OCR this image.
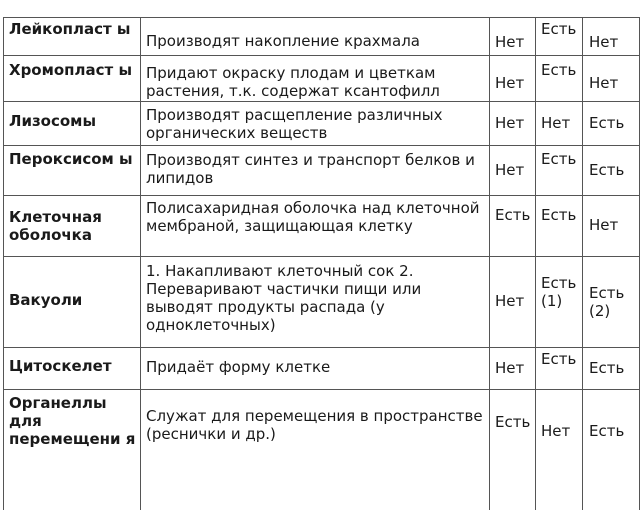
Лейкопласт ы	Производят накопление крахмала	Нет	Есть	Нет

Хромопласт ы	Придают окраску плодам и цветкам растения, т.к. содержат ксантофилл	Нет	Есть	Нет

Лизосомы	Производят расщепление различных органических веществ	Нет	Нет	Есть

Пероксисом ы	Производят синтез и транспорт белков и липидов	Нет	Есть	Есть

Клеточная оболочка	Полисахаридная оболочка над клеточной мембраной, защищающая клетку	Есть	Есть	Нет

Вакуоли	1. Накапливают клеточный сок 2. Переваривают частички пищи или выводят продукты распада (у одноклеточных)	Нет	Есть (1)	Есть (2)

Цитоскелет	Придаёт форму клетке	Нет	Есть	Есть

Органеллы для перемещени я	Служат для перемещения в пространстве (реснички и др.)	Есть	Нет	Есть
